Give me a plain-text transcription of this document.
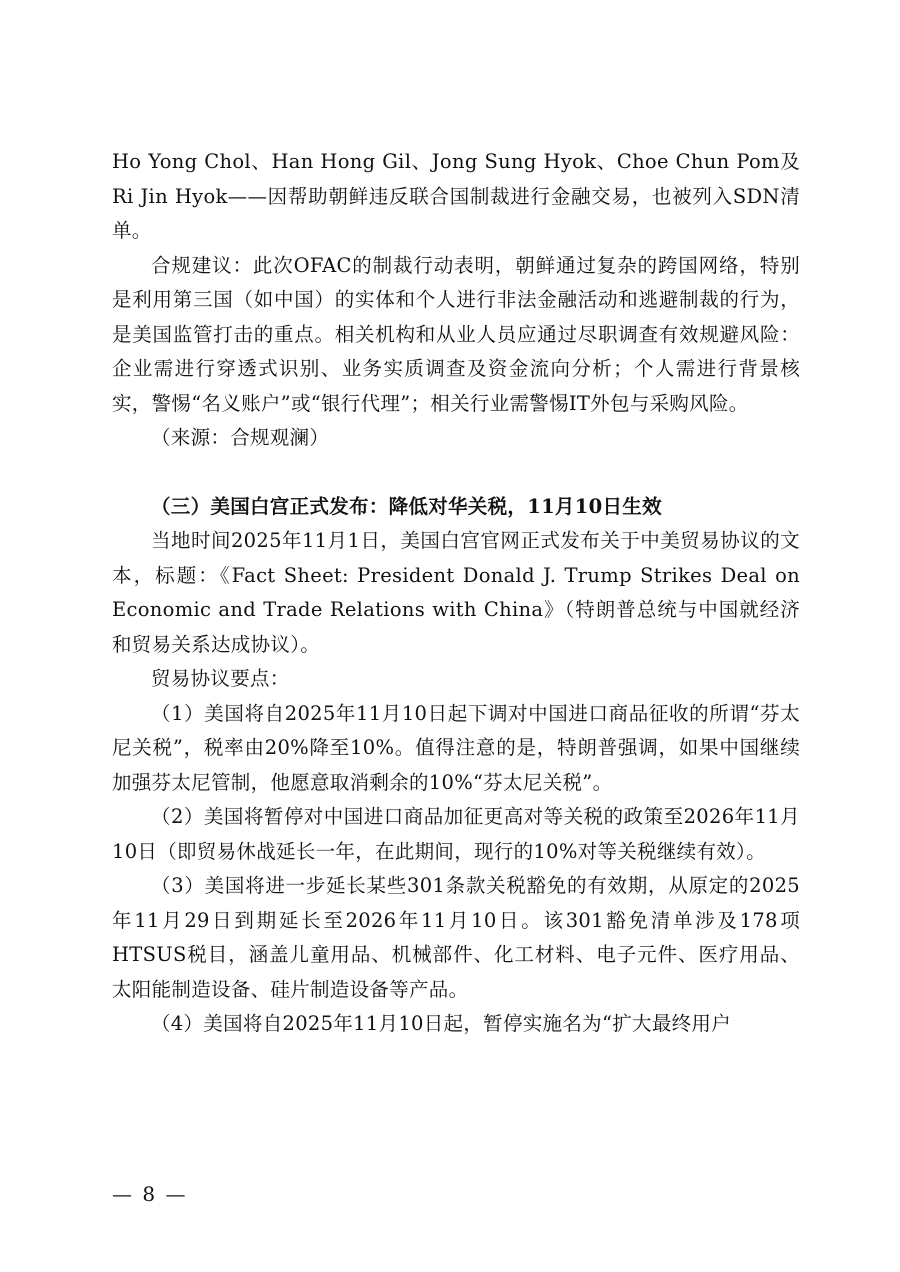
Ho Yong Chol、Han Hong Gil、Jong Sung Hyok、Choe Chun Pom及Ri Jin Hyok——因帮助朝鲜违反联合国制裁进行金融交易，也被列入SDN清单。

合规建议：此次OFAC的制裁行动表明，朝鲜通过复杂的跨国网络，特别是利用第三国（如中国）的实体和个人进行非法金融活动和逃避制裁的行为，是美国监管打击的重点。相关机构和从业人员应通过尽职调查有效规避风险：企业需进行穿透式识别、业务实质调查及资金流向分析；个人需进行背景核实，警惕“名义账户”或“银行代理”；相关行业需警惕IT外包与采购风险。

（来源：合规观澜）

（三）美国白宫正式发布：降低对华关税，11月10日生效

当地时间2025年11月1日，美国白宫官网正式发布关于中美贸易协议的文本，标题：《Fact Sheet: President Donald J. Trump Strikes Deal on Economic and Trade Relations with China》（特朗普总统与中国就经济和贸易关系达成协议）。

贸易协议要点：

（1）美国将自2025年11月10日起下调对中国进口商品征收的所谓“芬太尼关税”，税率由20%降至10%。值得注意的是，特朗普强调，如果中国继续加强芬太尼管制，他愿意取消剩余的10%“芬太尼关税”。

（2）美国将暂停对中国进口商品加征更高对等关税的政策至2026年11月10日（即贸易休战延长一年，在此期间，现行的10%对等关税继续有效）。

（3）美国将进一步延长某些301条款关税豁免的有效期，从原定的2025年11月29日到期延长至2026年11月10日。该301豁免清单涉及178项HTSUS税目，涵盖儿童用品、机械部件、化工材料、电子元件、医疗用品、太阳能制造设备、硅片制造设备等产品。

（4）美国将自2025年11月10日起，暂停实施名为“扩大最终用户

— 8 —
